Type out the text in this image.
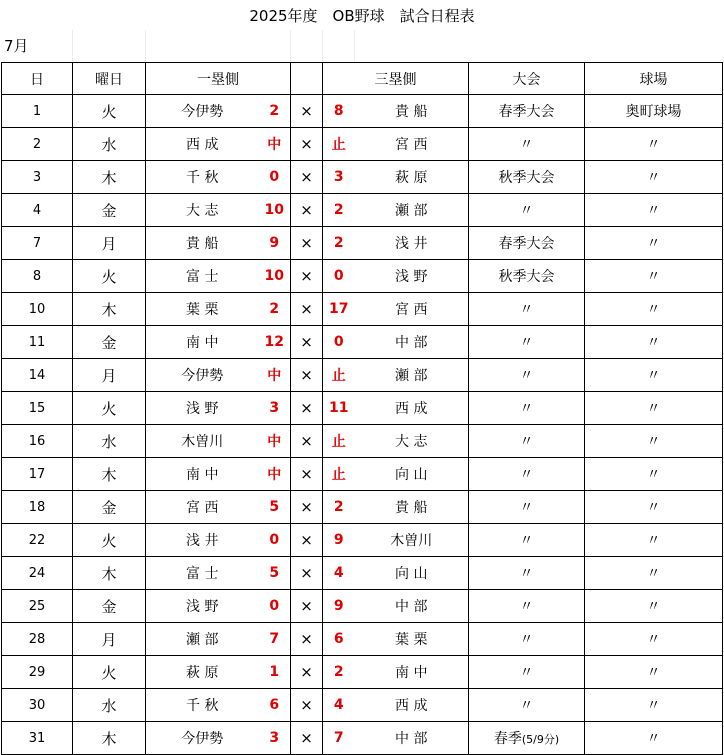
2025年度　OB野球　試合日程表
7月
日	曜日	一塁側			三塁側		大会	球場
1	火	今伊勢	2	×	8	貴 船	春季大会	奥町球場
2	水	西 成	中	×	止	宮 西	〃	〃
3	木	千 秋	0	×	3	萩 原	秋季大会	〃
4	金	大 志	10	×	2	瀬 部	〃	〃
7	月	貴 船	9	×	2	浅 井	春季大会	〃
8	火	富 士	10	×	0	浅 野	秋季大会	〃
10	木	葉 栗	2	×	17	宮 西	〃	〃
11	金	南 中	12	×	0	中 部	〃	〃
14	月	今伊勢	中	×	止	瀬 部	〃	〃
15	火	浅 野	3	×	11	西 成	〃	〃
16	水	木曽川	中	×	止	大 志	〃	〃
17	木	南 中	中	×	止	向 山	〃	〃
18	金	宮 西	5	×	2	貴 船	〃	〃
22	火	浅 井	0	×	9	木曽川	〃	〃
24	木	富 士	5	×	4	向 山	〃	〃
25	金	浅 野	0	×	9	中 部	〃	〃
28	月	瀬 部	7	×	6	葉 栗	〃	〃
29	火	萩 原	1	×	2	南 中	〃	〃
30	水	千 秋	6	×	4	西 成	〃	〃
31	木	今伊勢	3	×	7	中 部	春季(5/9分)	〃
